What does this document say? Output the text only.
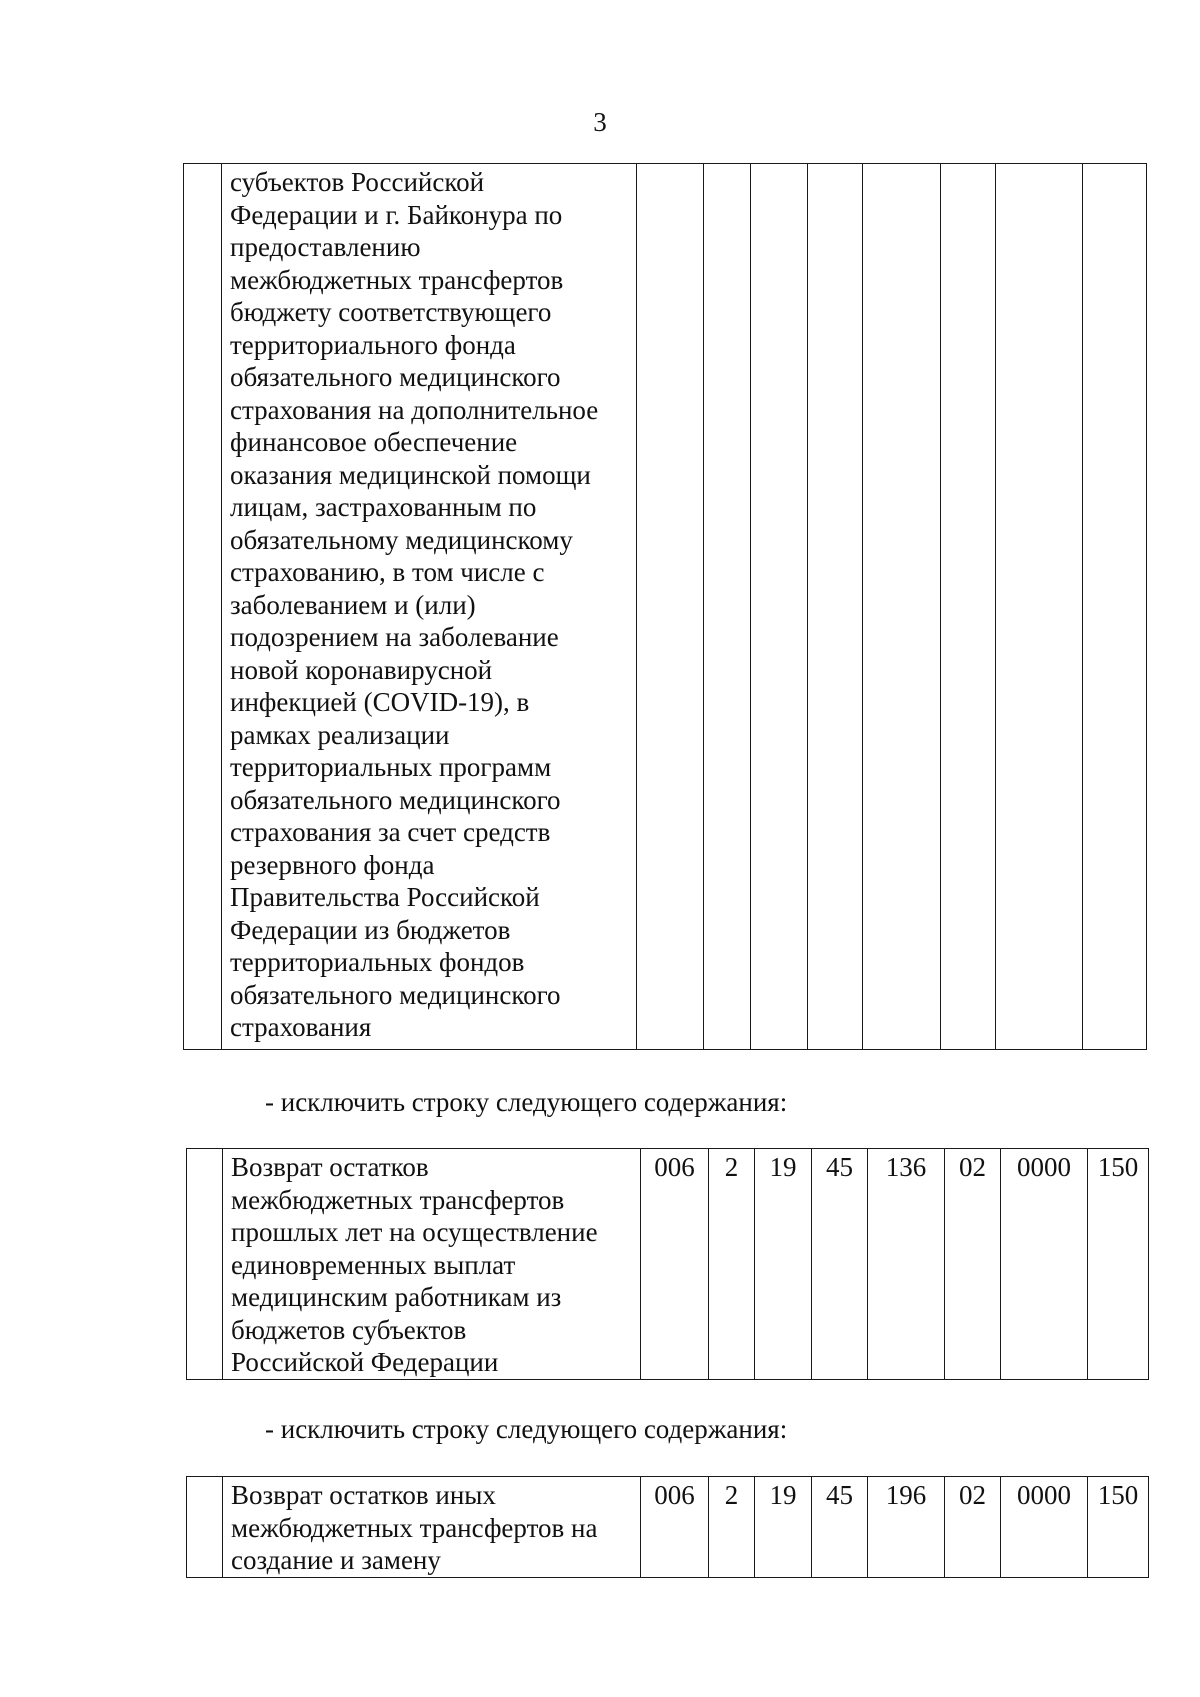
3

субъектов Российской
Федерации и г. Байконура по
предоставлению
межбюджетных трансфертов
бюджету соответствующего
территориального фонда
обязательного медицинского
страхования на дополнительное
финансовое обеспечение
оказания медицинской помощи
лицам, застрахованным по
обязательному медицинскому
страхованию, в том числе с
заболеванием и (или)
подозрением на заболевание
новой коронавирусной
инфекцией (COVID-19), в
рамках реализации
территориальных программ
обязательного медицинского
страхования за счет средств
резервного фонда
Правительства Российской
Федерации из бюджетов
территориальных фондов
обязательного медицинского
страхования

- исключить строку следующего содержания:

Возврат остатков
межбюджетных трансфертов
прошлых лет на осуществление
единовременных выплат
медицинским работникам из
бюджетов субъектов
Российской Федерации
	006	2	19	45	136	02	0000	150
- исключить строку следующего содержания:

Возврат остатков иных
межбюджетных трансфертов на
создание и замену
	006	2	19	45	196	02	0000	150
